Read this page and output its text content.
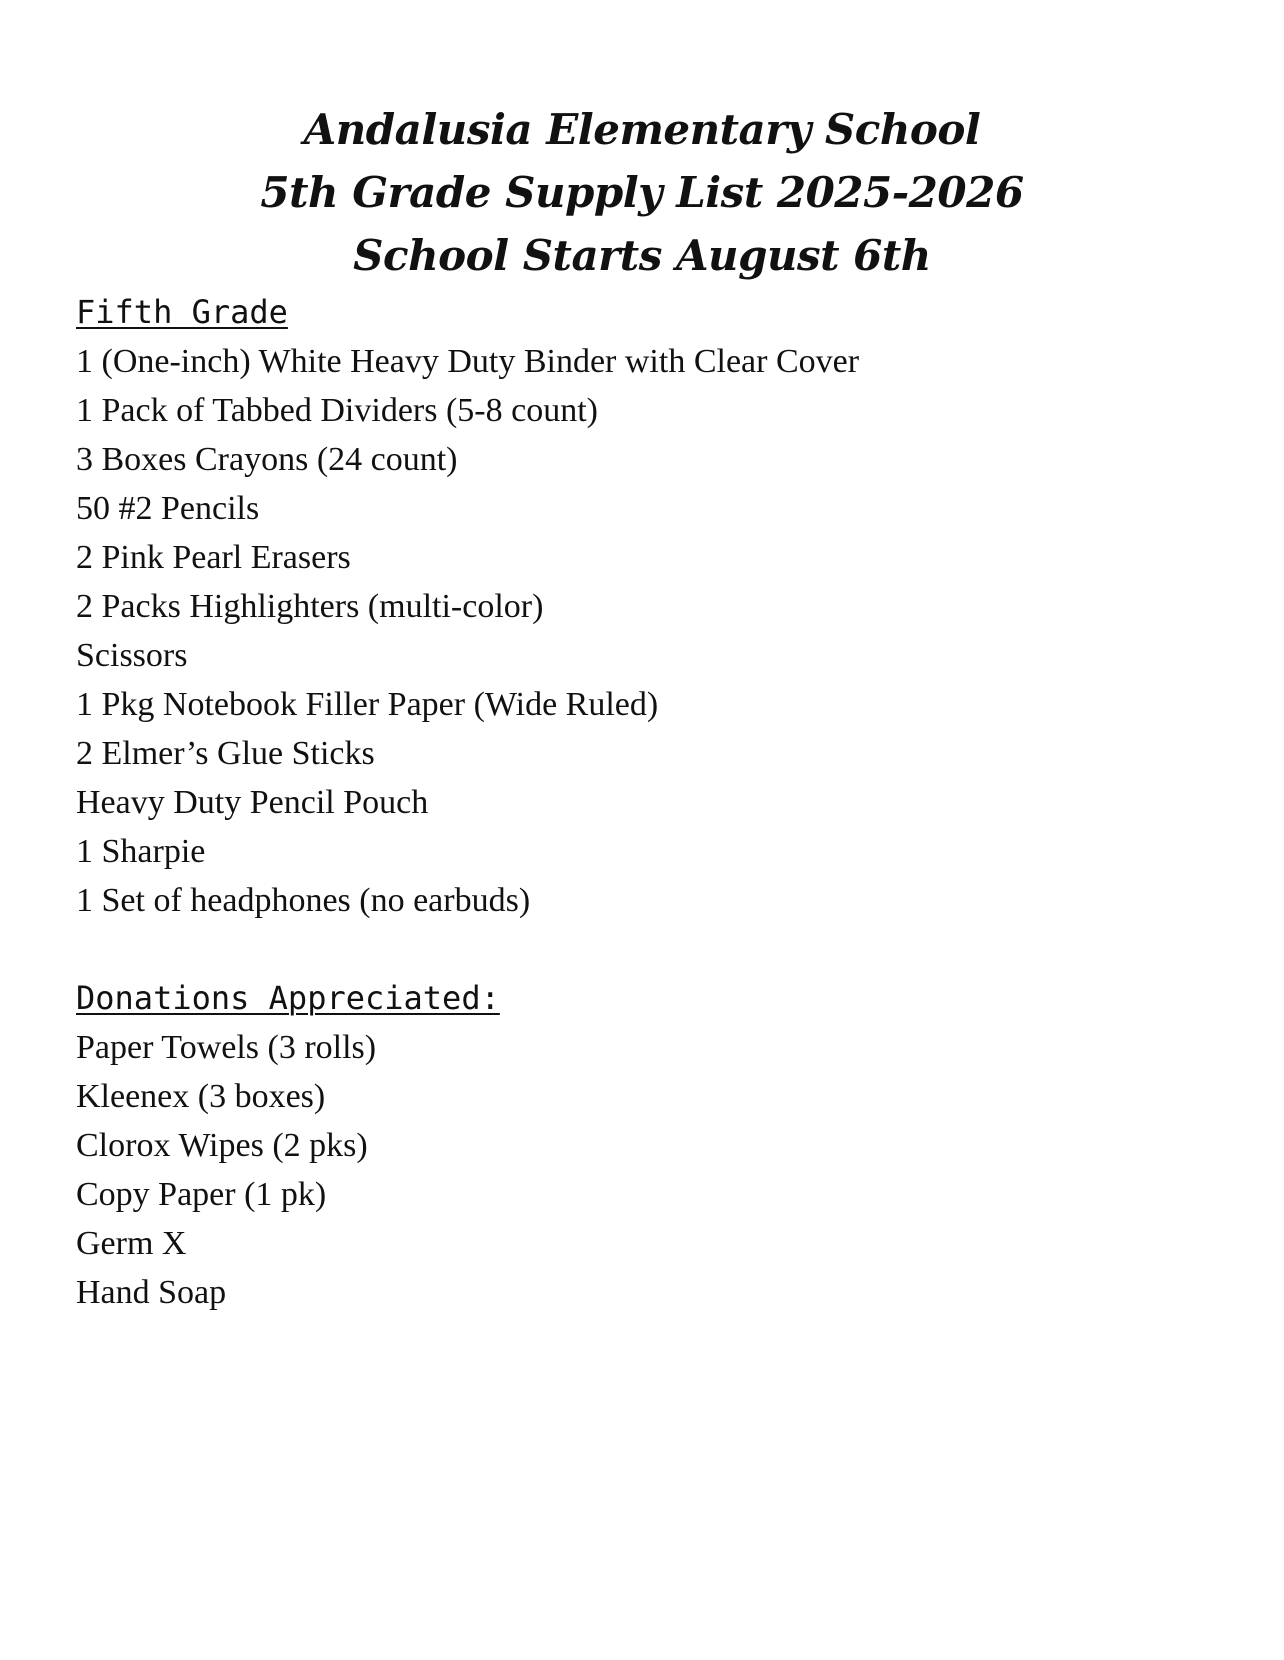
Andalusia Elementary School
5th Grade Supply List 2025-2026
School Starts August 6th
Fifth Grade
1 (One-inch) White Heavy Duty Binder with Clear Cover
1 Pack of Tabbed Dividers (5-8 count)
3 Boxes Crayons (24 count)
50 #2 Pencils
2 Pink Pearl Erasers
2 Packs Highlighters (multi-color)
Scissors
1 Pkg Notebook Filler Paper (Wide Ruled)
2 Elmer’s Glue Sticks
Heavy Duty Pencil Pouch
1 Sharpie
1 Set of headphones (no earbuds)
Donations Appreciated:
Paper Towels (3 rolls)
Kleenex (3 boxes)
Clorox Wipes (2 pks)
Copy Paper (1 pk)
Germ X
Hand Soap
